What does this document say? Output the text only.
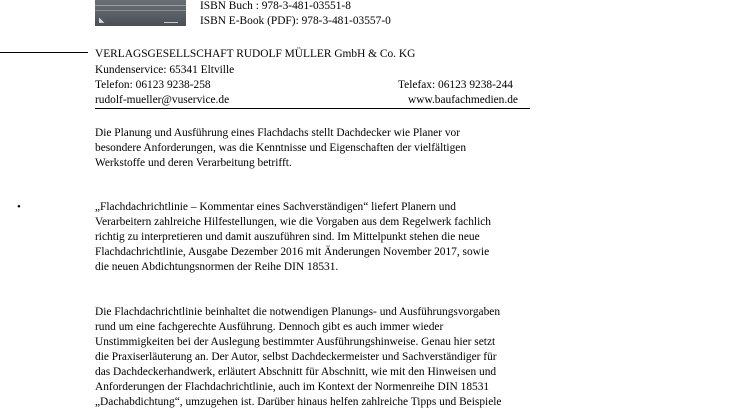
◣
ISBN Buch : 978-3-481-03551-8
ISBN E-Book (PDF): 978-3-481-03557-0
VERLAGSGESELLSCHAFT RUDOLF MÜLLER GmbH & Co. KG
Kundenservice: 65341 Eltville
Telefon: 06123 9238-258	Telefax: 06123 9238-244
rudolf-mueller@vuservice.de	www.baufachmedien.de
•
Die Planung und Ausführung eines Flachdachs stellt Dachdecker wie Planer vor
besondere Anforderungen, was die Kenntnisse und Eigenschaften der vielfältigen
Werkstoffe und deren Verarbeitung betrifft.
„Flachdachrichtlinie – Kommentar eines Sachverständigen“ liefert Planern und
Verarbeitern zahlreiche Hilfestellungen, wie die Vorgaben aus dem Regelwerk fachlich
richtig zu interpretieren und damit auszuführen sind. Im Mittelpunkt stehen die neue
Flachdachrichtlinie, Ausgabe Dezember 2016 mit Änderungen November 2017, sowie
die neuen Abdichtungsnormen der Reihe DIN 18531.
Die Flachdachrichtlinie beinhaltet die notwendigen Planungs- und Ausführungsvorgaben
rund um eine fachgerechte Ausführung. Dennoch gibt es auch immer wieder
Unstimmigkeiten bei der Auslegung bestimmter Ausführungshinweise. Genau hier setzt
die Praxiserläuterung an. Der Autor, selbst Dachdeckermeister und Sachverständiger für
das Dachdeckerhandwerk, erläutert Abschnitt für Abschnitt, wie mit den Hinweisen und
Anforderungen der Flachdachrichtlinie, auch im Kontext der Normenreihe DIN 18531
„Dachabdichtung“, umzugehen ist. Darüber hinaus helfen zahlreiche Tipps und Beispiele
